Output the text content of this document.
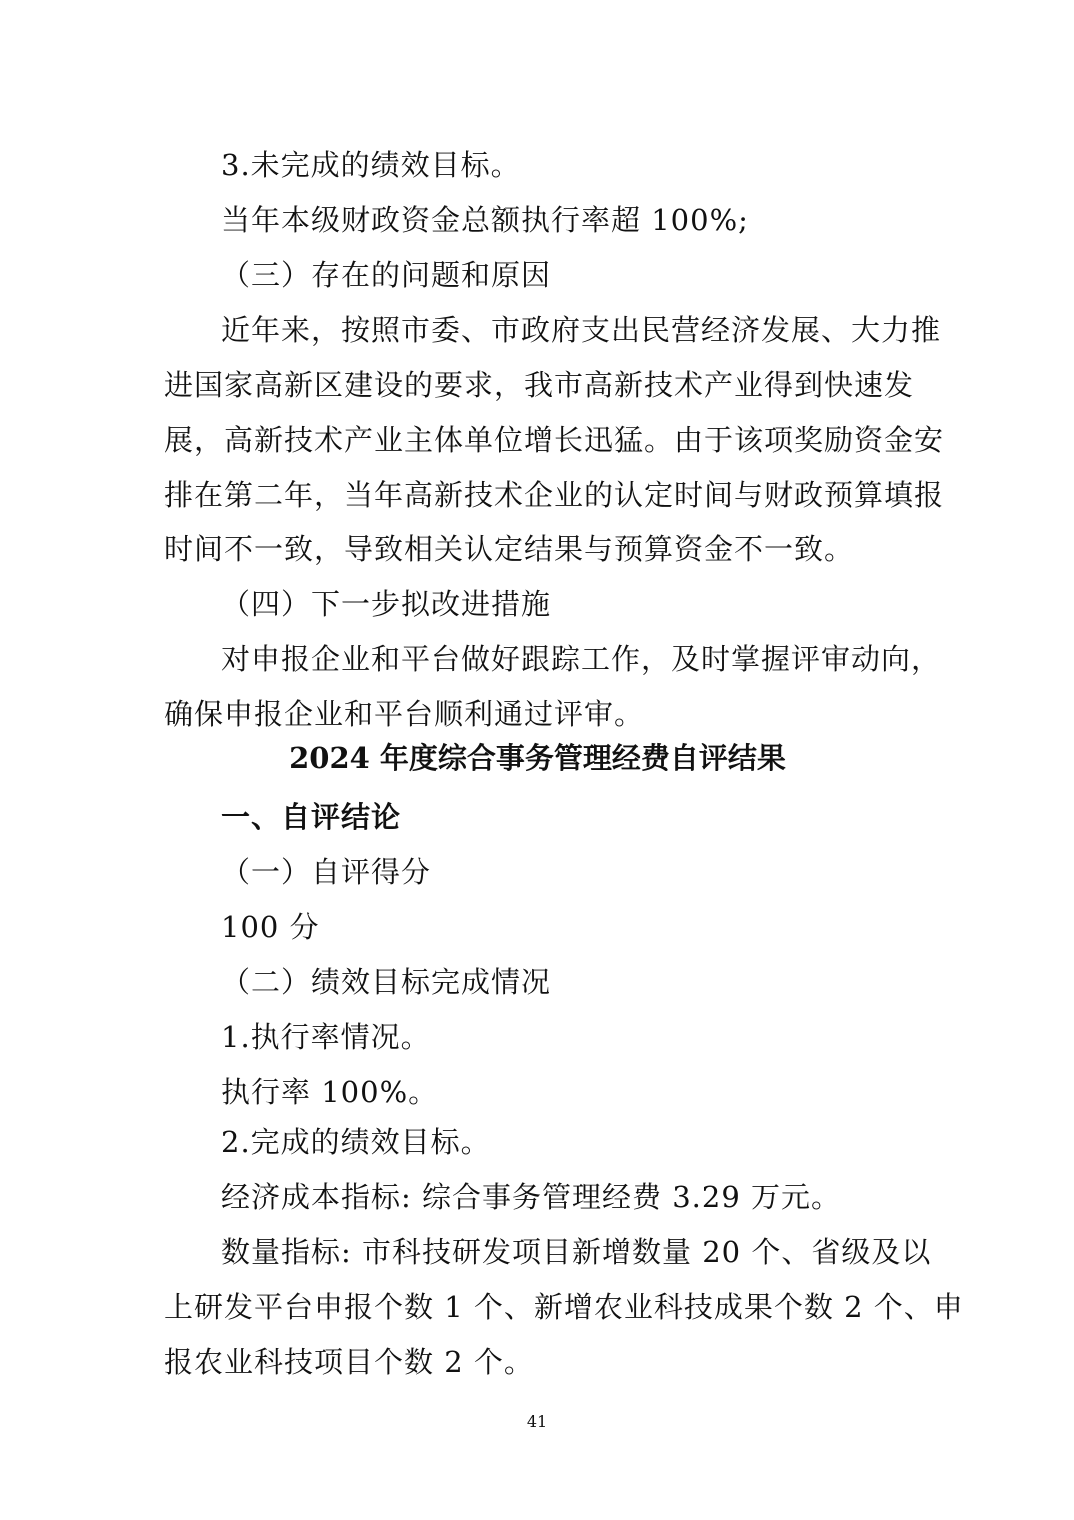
3.未完成的绩效目标。
当年本级财政资金总额执行率超 100%;
（三）存在的问题和原因
近年来，按照市委、市政府支出民营经济发展、大力推
进国家高新区建设的要求，我市高新技术产业得到快速发
展，高新技术产业主体单位增长迅猛。由于该项奖励资金安
排在第二年，当年高新技术企业的认定时间与财政预算填报
时间不一致，导致相关认定结果与预算资金不一致。
（四）下一步拟改进措施
对申报企业和平台做好跟踪工作，及时掌握评审动向，
确保申报企业和平台顺利通过评审。
2024 年度综合事务管理经费自评结果
一、自评结论
（一）自评得分
100 分
（二）绩效目标完成情况
1.执行率情况。
执行率 100%。
2.完成的绩效目标。
经济成本指标: 综合事务管理经费 3.29 万元。
数量指标: 市科技研发项目新增数量 20 个、省级及以
上研发平台申报个数 1 个、新增农业科技成果个数 2 个、申
报农业科技项目个数 2 个。
41
